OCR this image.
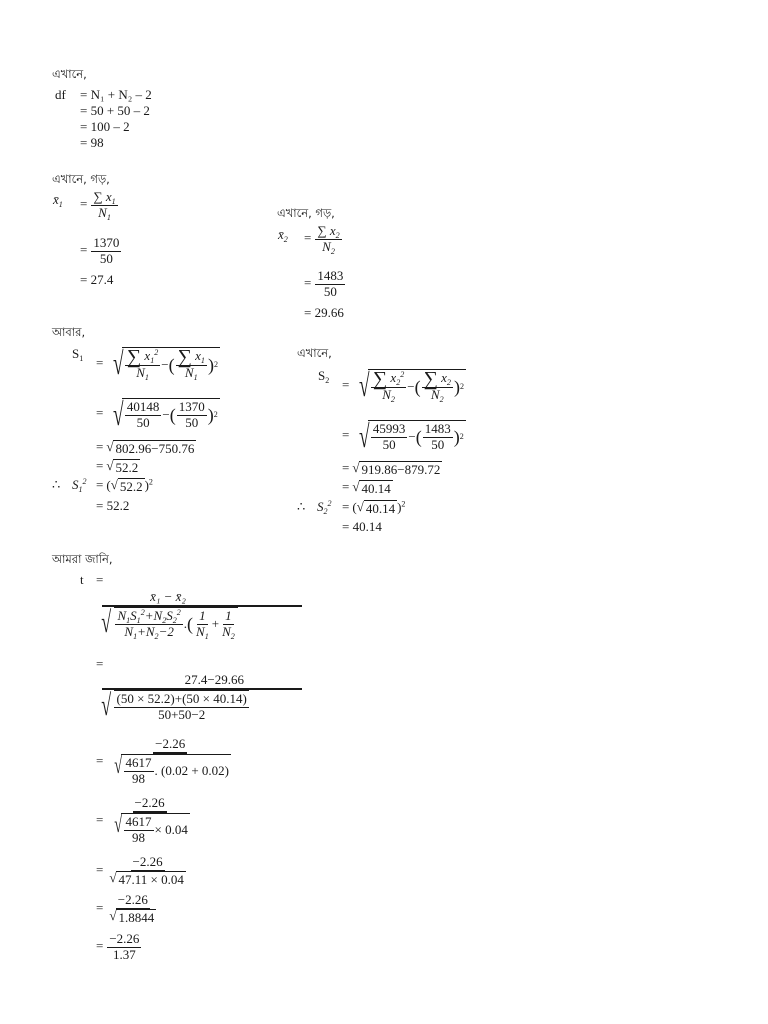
এখানে,
df = N₁ + N₂ – 2
= 50 + 50 – 2
= 100 – 2
= 98
এখানে, গড়,
$x̄_1 = \frac{\sum x_1}{N_1}$
= $\frac{1370}{50}$
= 27.4
এখানে, গড়,
$x̄_2 = \frac{\sum x_2}{N_2}$
= $\frac{1483}{50}$
= 29.66
আবার,
$S_1$ = √ $\frac{\sum x_1^2}{N_1}$ − ( $\frac{\sum x_1}{N_1}$ ) 2
= √ $\frac{40148}{50}$ − ( $\frac{1370}{50}$ ) 2
= √ 802.96−750.76
= √ 52.2
∴ $S_1^2$ = ( √ 52.2 )$^2$
= 52.2
এখানে,
$S_2$ = √ $\frac{\sum x_2^2}{N_2}$ − ( $\frac{\sum x_2}{N_2}$ ) 2
= √ $\frac{45993}{50}$ − ( $\frac{1483}{50}$ ) 2
= √ 919.86−879.72
= √ 40.14
∴ $S_2^2$ = ( √ 40.14 )$^2$
= 40.14
আমরা জানি,
t =
x̄₁ − x̄₂
√ $\frac{N_1S_1^2+N_2S_2^2}{N_1+N_2-2}$ . ( $\frac{1}{N_1} + \frac{1}{N_2}$
=
27.4−29.66
√ (50 × 52.2)+(50 × 40.14)
50+50−2
= $\frac{-2.26}{√ \frac{4617}{98} . (0.02 + 0.02)}$
= $\frac{-2.26}{√ \frac{4617}{98} \times 0.04}$
= $\frac{-2.26}{√ 47.11 \times 0.04}$
= $\frac{-2.26}{√ 1.8844}$
= $\frac{-2.26}{1.37}$
